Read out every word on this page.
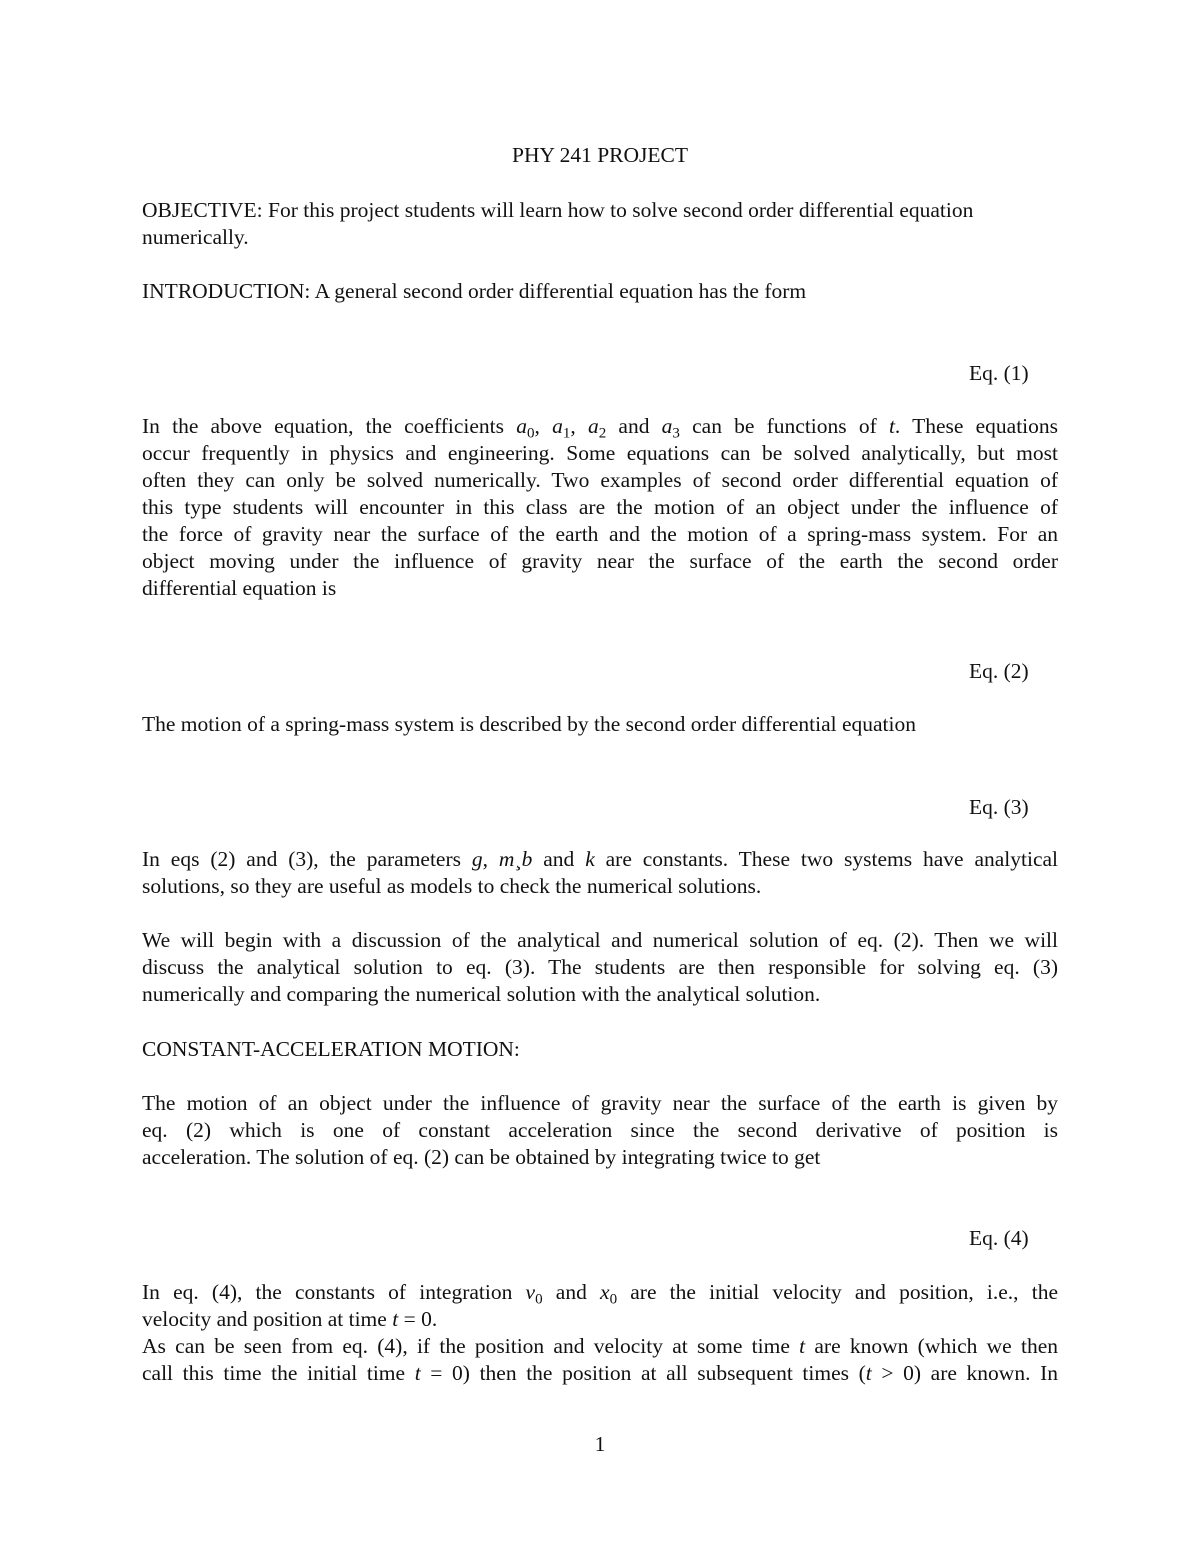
PHY 241 PROJECT
OBJECTIVE: For this project students will learn how to solve second order differential equation
numerically.
INTRODUCTION: A general second order differential equation has the form
Eq. (1)
In the above equation, the coefficients $a_0$, $a_1$, $a_2$ and $a_3$ can be functions of t. These equations
occur frequently in physics and engineering. Some equations can be solved analytically, but most
often they can only be solved numerically. Two examples of second order differential equation of
this type students will encounter in this class are the motion of an object under the influence of
the force of gravity near the surface of the earth and the motion of a spring-mass system. For an
object moving under the influence of gravity near the surface of the earth the second order
differential equation is
Eq. (2)
The motion of a spring-mass system is described by the second order differential equation
Eq. (3)
In eqs (2) and (3), the parameters g, m¸b and k are constants. These two systems have analytical
solutions, so they are useful as models to check the numerical solutions.
We will begin with a discussion of the analytical and numerical solution of eq. (2). Then we will
discuss the analytical solution to eq. (3). The students are then responsible for solving eq. (3)
numerically and comparing the numerical solution with the analytical solution.
CONSTANT-ACCELERATION MOTION:
The motion of an object under the influence of gravity near the surface of the earth is given by
eq. (2) which is one of constant acceleration since the second derivative of position is
acceleration. The solution of eq. (2) can be obtained by integrating twice to get
Eq. (4)
In eq. (4), the constants of integration $v_0$ and $x_0$ are the initial velocity and position, i.e., the
velocity and position at time t = 0.
As can be seen from eq. (4), if the position and velocity at some time t are known (which we then
call this time the initial time t = 0) then the position at all subsequent times (t > 0) are known. In
1
